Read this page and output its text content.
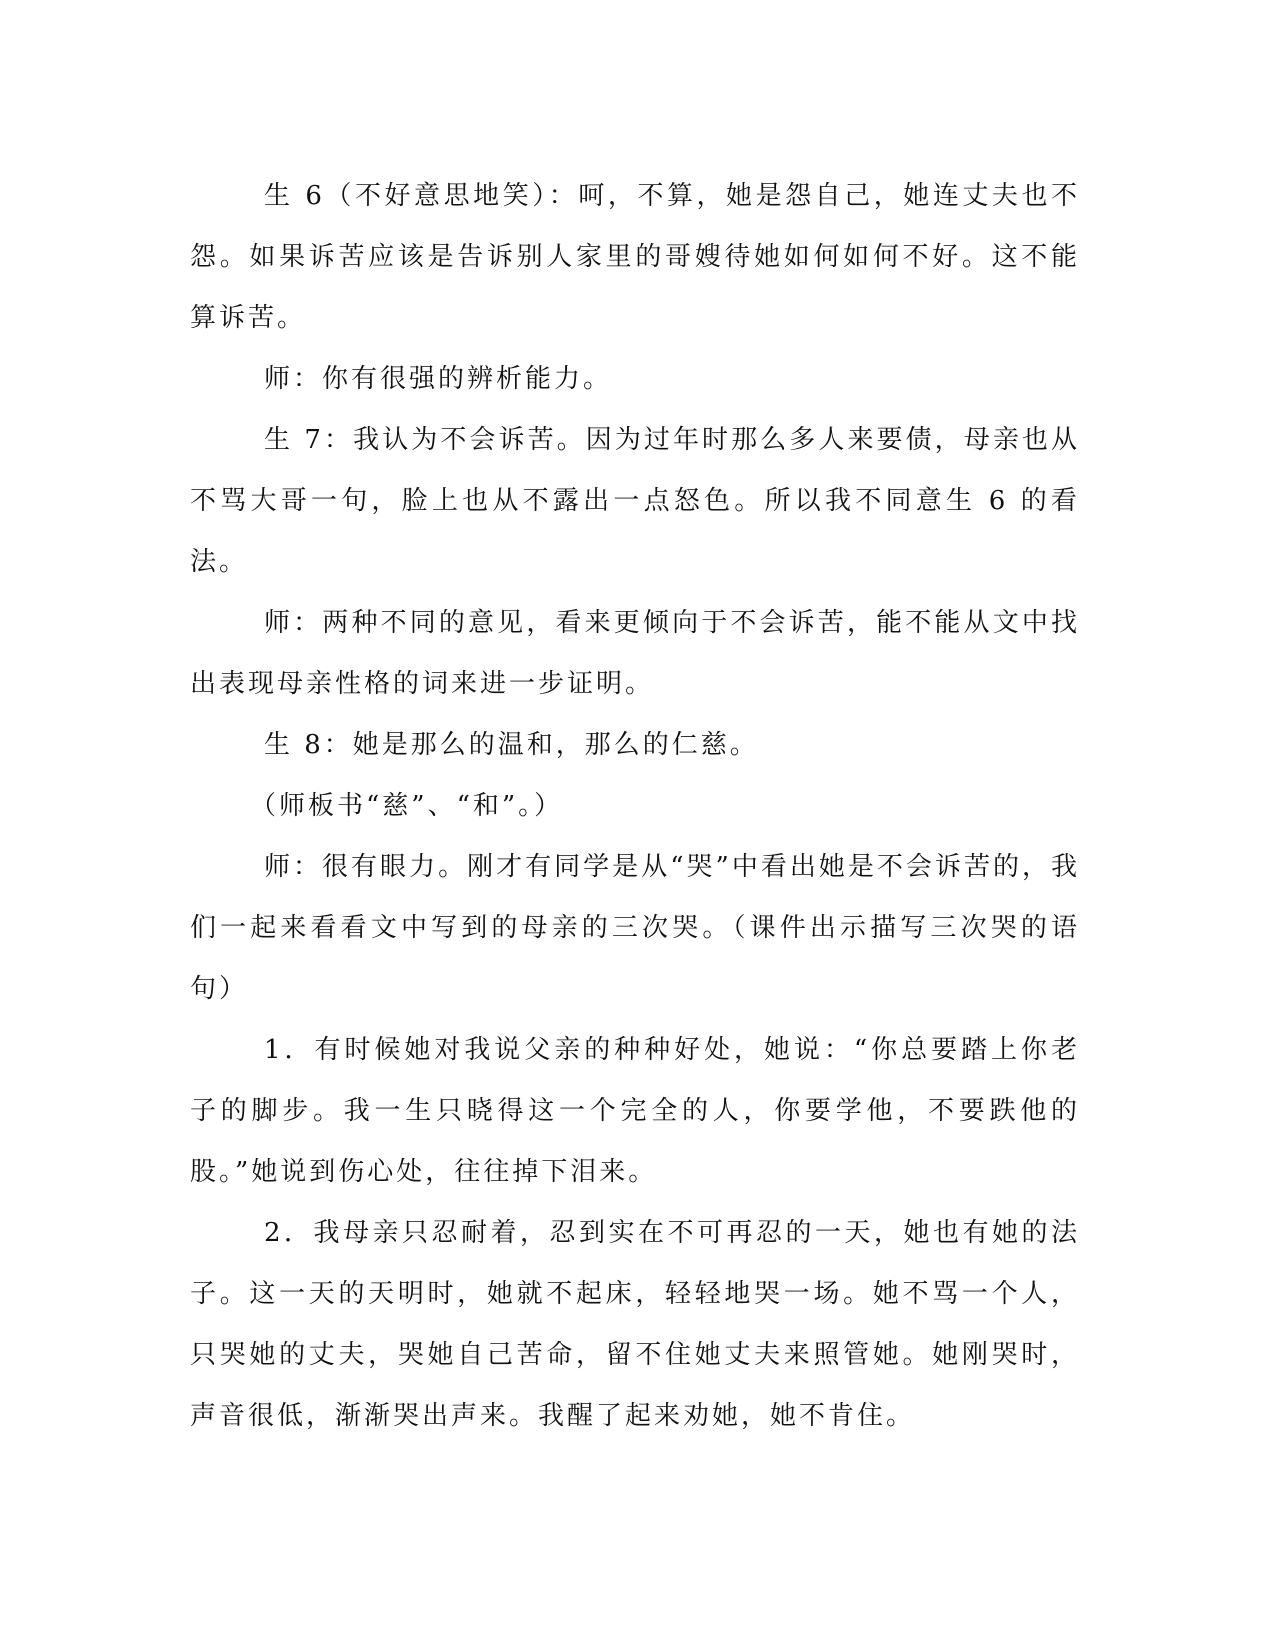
生 6（不好意思地笑）：呵，不算，她是怨自己，她连丈夫也不怨。如果诉苦应该是告诉别人家里的哥嫂待她如何如何不好。这不能算诉苦。

师：你有很强的辨析能力。

生 7：我认为不会诉苦。因为过年时那么多人来要债，母亲也从不骂大哥一句，脸上也从不露出一点怒色。所以我不同意生 6 的看法。

师：两种不同的意见，看来更倾向于不会诉苦，能不能从文中找出表现母亲性格的词来进一步证明。

生 8：她是那么的温和，那么的仁慈。

（师板书“慈”、“和”。）

师：很有眼力。刚才有同学是从“哭”中看出她是不会诉苦的，我们一起来看看文中写到的母亲的三次哭。（课件出示描写三次哭的语句）

1．有时候她对我说父亲的种种好处，她说：“你总要踏上你老子的脚步。我一生只晓得这一个完全的人，你要学他，不要跌他的股。”她说到伤心处，往往掉下泪来。

2．我母亲只忍耐着，忍到实在不可再忍的一天，她也有她的法子。这一天的天明时，她就不起床，轻轻地哭一场。她不骂一个人，只哭她的丈夫，哭她自己苦命，留不住她丈夫来照管她。她刚哭时，声音很低，渐渐哭出声来。我醒了起来劝她，她不肯住。
